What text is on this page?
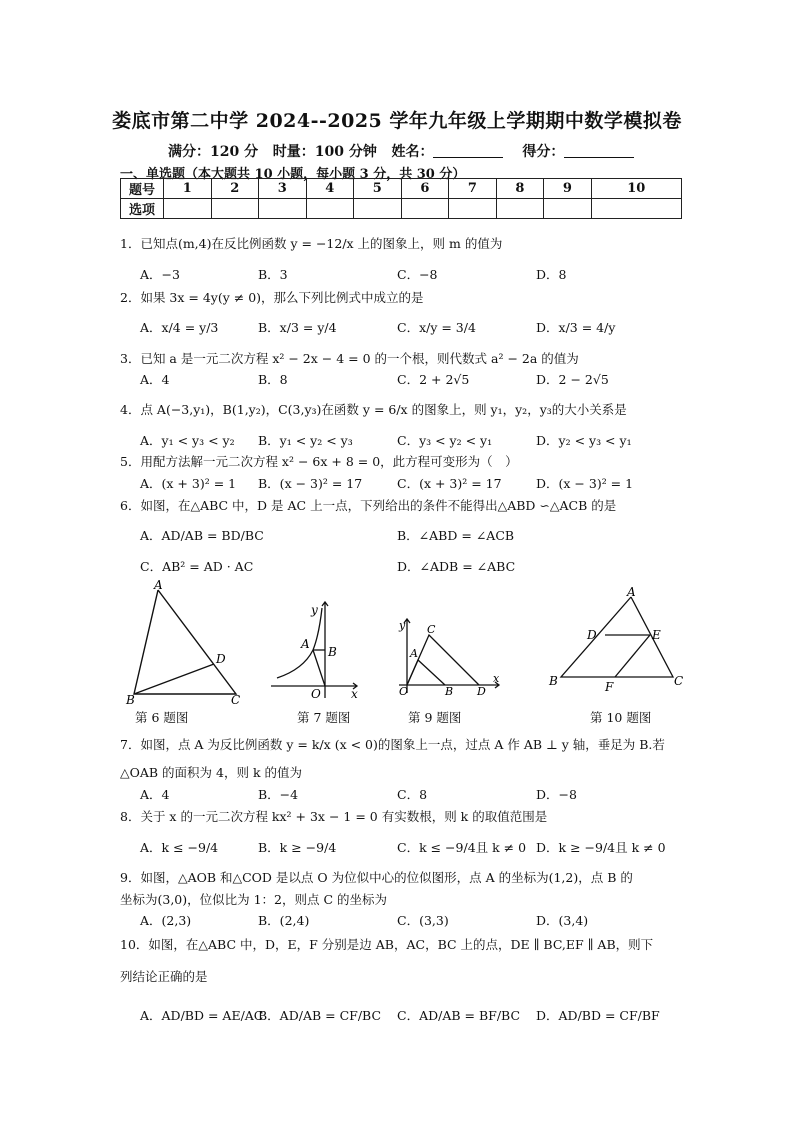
娄底市第二中学 2024--2025 学年九年级上学期期中数学模拟卷
满分：120 分 时量：100 分钟 姓名：	得分：
一、单选题（本大题共 10 小题，每小题 3 分，共 30 分）
题号	1	2	3	4	5	6	7	8	9	10
选项										
1．已知点(m,4)在反比例函数 y = −12/x 上的图象上，则 m 的值为
A．−3	B．3	C．−8	D．8
2．如果 3x = 4y(y ≠ 0)，那么下列比例式中成立的是
A．x/4 = y/3	B．x/3 = y/4	C．x/y = 3/4	D．x/3 = 4/y
3．已知 a 是一元二次方程 x² − 2x − 4 = 0 的一个根，则代数式 a² − 2a 的值为
A．4	B．8	C．2 + 2√5	D．2 − 2√5
4．点 A(−3,y₁)，B(1,y₂)，C(3,y₃)在函数 y = 6/x 的图象上，则 y₁，y₂，y₃的大小关系是
A．y₁ < y₃ < y₂ B．y₁ < y₂ < y₃	C．y₃ < y₂ < y₁	D．y₂ < y₃ < y₁
5．用配方法解一元二次方程 x² − 6x + 8 = 0，此方程可变形为（　）
A．(x + 3)² = 1 B．(x − 3)² = 17	C．(x + 3)² = 17	D．(x − 3)² = 1
6．如图，在△ABC 中，D 是 AC 上一点，下列给出的条件不能得出△ABD ∽△ACB 的是
A．AD/AB = BD/BC	B．∠ABD = ∠ACB
C．AB² = AD · AC	D．∠ADB = ∠ABC
A
B	C
D
y
A
B
O	x
y C
A
O	B D
x
A
D	E
B	F	C
第 6 题图	第 7 题图	第 9 题图	第 10 题图
7．如图，点 A 为反比例函数 y = k/x (x < 0)的图象上一点，过点 A 作 AB ⊥ y 轴，垂足为 B.若
△OAB 的面积为 4，则 k 的值为
A．4	B．−4	C．8	D．−8
8．关于 x 的一元二次方程 kx² + 3x − 1 = 0 有实数根，则 k 的取值范围是
A．k ≤ −9/4	B．k ≥ −9/4	C．k ≤ −9/4且 k ≠ 0 D．k ≥ −9/4且 k ≠ 0
9．如图，△AOB 和△COD 是以点 O 为位似中心的位似图形，点 A 的坐标为(1,2)，点 B 的
坐标为(3,0)，位似比为 1：2，则点 C 的坐标为
A．(2,3)	B．(2,4)	C．(3,3)	D．(3,4)
10．如图，在△ABC 中，D，E，F 分别是边 AB，AC，BC 上的点，DE ∥ BC,EF ∥ AB，则下
列结论正确的是
A．AD/BD = AE/AC
B．AD/AB = CF/BC C．AD/AB = BF/BC D．AD/BD = CF/BF
